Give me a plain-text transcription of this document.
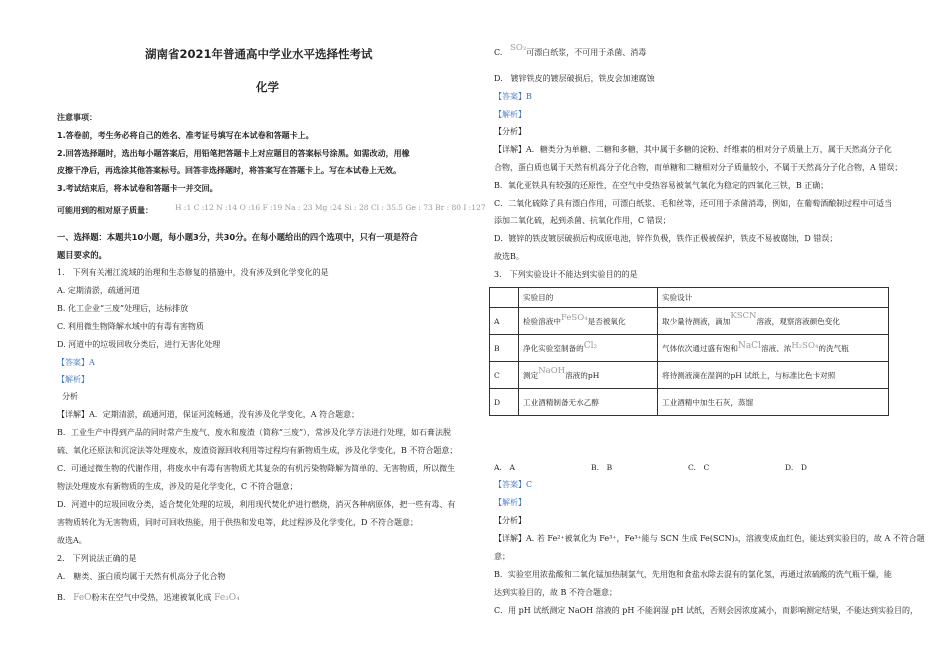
湖南省2021年普通高中学业水平选择性考试
化学
注意事项：
1.答卷前，考生务必将自己的姓名、准考证号填写在本试卷和答题卡上。
2.回答选择题时，选出每小题答案后，用铅笔把答题卡上对应题目的答案标号涂黑。如需改动，用橡
皮擦干净后，再选涂其他答案标号。回答非选择题时，将答案写在答题卡上。写在本试卷上无效。
3.考试结束后，将本试卷和答题卡一并交回。
可能用到的相对原子质量：	H :1 C :12 N :14 O :16 F :19 Na : 23 Mg :24 Si : 28 Cl : 35.5 Ge : 73 Br : 80 I :127
一、选择题：本题共10小题，每小题3分，共30分。在每小题给出的四个选项中，只有一项是符合
题目要求的。
1.　下列有关湘江流域的治理和生态修复的措施中，没有涉及到化学变化的是
A. 定期清淤，疏通河道
B. 化工企业“三废”处理后，达标排放
C. 利用微生物降解水域中的有毒有害物质
D. 河道中的垃圾回收分类后，进行无害化处理
【答案】A
【解析】
分析
【详解】A．定期清淤，疏通河道，保证河流畅通，没有涉及化学变化，A 符合题意；
B．工业生产中得到产品的同时常产生废气、废水和废渣（简称“三废”），常涉及化学方法进行处理，如石膏法脱
硫、氧化还原法和沉淀法等处理废水，废渣资源回收利用等过程均有新物质生成，涉及化学变化，B 不符合题意；
C．可通过微生物的代谢作用，将废水中有毒有害物质尤其复杂的有机污染物降解为简单的、无害物质，所以微生
物法处理废水有新物质的生成，涉及的是化学变化，C 不符合题意；
D．河道中的垃圾回收分类，适合焚化处理的垃圾，利用现代焚化炉进行燃烧，消灭各种病原体，把一些有毒、有
害物质转化为无害物质，同时可回收热能，用于供热和发电等，此过程涉及化学变化，D 不符合题意；
故选A。
2.　下列说法正确的是
A.　糖类、蛋白质均属于天然有机高分子化合物
B. FeO粉末在空气中受热，迅速被氧化成 Fe₃O₄
C. SO₂可漂白纸浆，不可用于杀菌、消毒
D.　镀锌铁皮的镀层破损后，铁皮会加速腐蚀
【答案】B
【解析】
【分析】
【详解】A．糖类分为单糖、二糖和多糖，其中属于多糖的淀粉、纤维素的相对分子质量上万，属于天然高分子化
合物，蛋白质也属于天然有机高分子化合物，而单糖和二糖相对分子质量较小，不属于天然高分子化合物，A 错误；
B．氧化亚铁具有较强的还原性，在空气中受热容易被氧气氧化为稳定的四氧化三铁，B 正确；
C．二氧化硫除了具有漂白作用，可漂白纸浆、毛和丝等，还可用于杀菌消毒，例如，在葡萄酒酿制过程中可适当
添加二氧化硫，起到杀菌、抗氧化作用，C 错误；
D．镀锌的铁皮镀层破损后构成原电池，锌作负极，铁作正极被保护，铁皮不易被腐蚀，D 错误；
故选B。
3.　下列实验设计不能达到实验目的的是
	实验目的	实验设计
A	检验溶液中FeSO₄是否被氧化	取少量待测液，滴加KSCN溶液，观察溶液颜色变化
B	净化实验室制备的Cl₂	气体依次通过盛有饱和NaCl溶液、浓H₂SO₄的洗气瓶
C	测定NaOH溶液的pH	将待测液滴在湿润的pH 试纸上，与标准比色卡对照
D	工业酒精制备无水乙醇	工业酒精中加生石灰，蒸馏
A.　A	B.　B	C.　C	D.　D
【答案】C
【解析】
【分析】
【详解】A. 若 Fe²⁺被氧化为 Fe³⁺，Fe³⁺能与 SCN 生成 Fe(SCN)₃，溶液变成血红色，能达到实验目的，故 A 不符合题
意；
B．实验室用浓盐酸和二氧化锰加热制氯气，先用饱和食盐水除去混有的氯化氢，再通过浓硫酸的洗气瓶干燥，能
达到实验目的，故 B 不符合题意；
C．用 pH 试纸测定 NaOH 溶液的 pH 不能润湿 pH 试纸，否则会因浓度减小，而影响测定结果，不能达到实验目的，
